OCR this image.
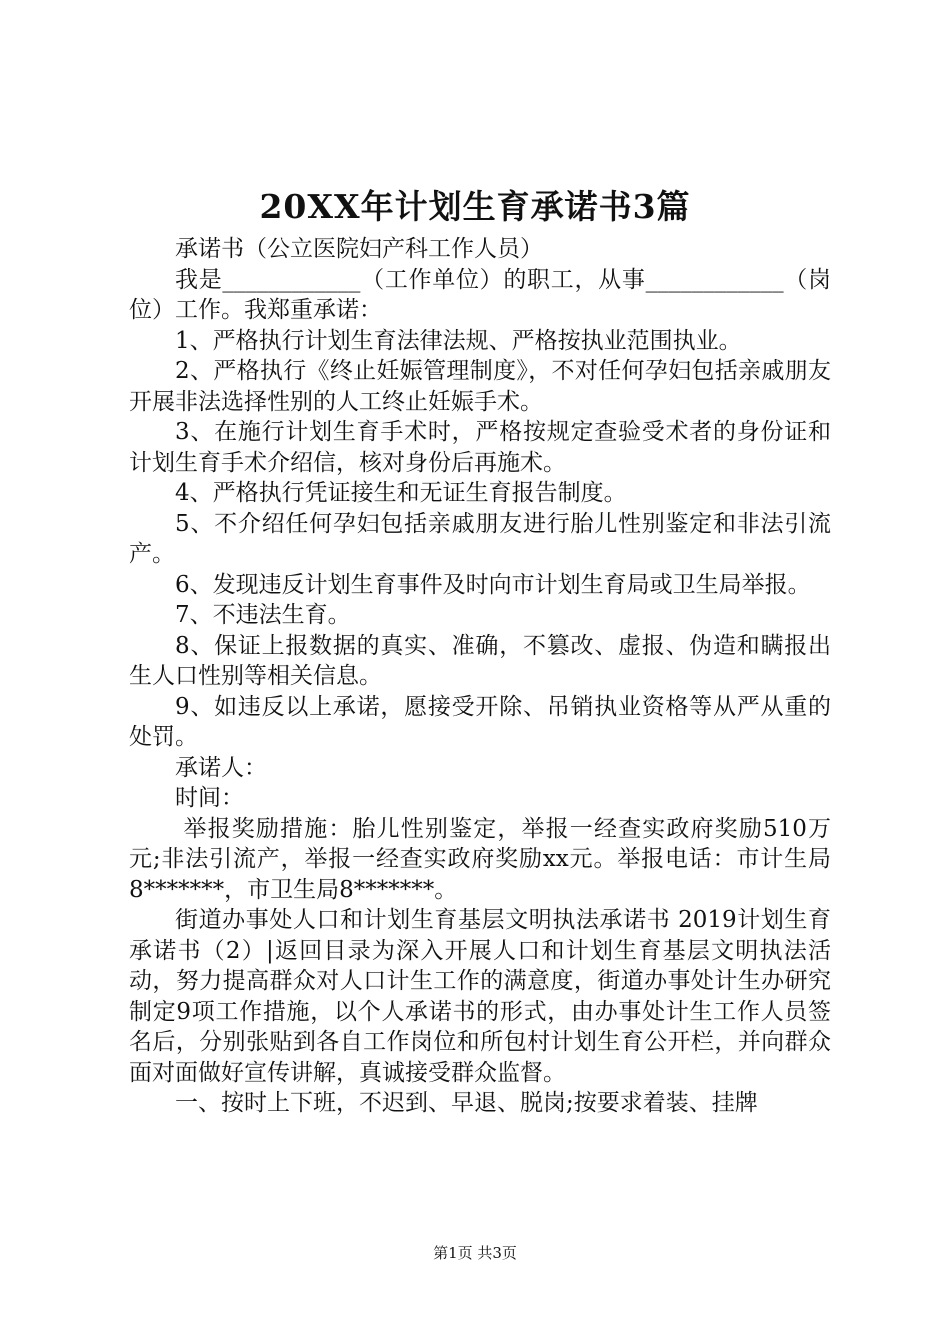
20XX年计划生育承诺书3篇

承诺书（公立医院妇产科工作人员）

我是____________（工作单位）的职工，从事____________（岗位）工作。我郑重承诺：

1、严格执行计划生育法律法规、严格按执业范围执业。

2、严格执行《终止妊娠管理制度》，不对任何孕妇包括亲戚朋友开展非法选择性别的人工终止妊娠手术。

3、在施行计划生育手术时，严格按规定查验受术者的身份证和计划生育手术介绍信，核对身份后再施术。

4、严格执行凭证接生和无证生育报告制度。

5、不介绍任何孕妇包括亲戚朋友进行胎儿性别鉴定和非法引流产。

6、发现违反计划生育事件及时向市计划生育局或卫生局举报。

7、不违法生育。

8、保证上报数据的真实、准确，不篡改、虚报、伪造和瞒报出生人口性别等相关信息。

9、如违反以上承诺，愿接受开除、吊销执业资格等从严从重的处罚。

承诺人：

时间：

举报奖励措施：胎儿性别鉴定，举报一经查实政府奖励510万元;非法引流产，举报一经查实政府奖励xx元。举报电话：市计生局8*******，市卫生局8*******。

街道办事处人口和计划生育基层文明执法承诺书 2019计划生育承诺书（2）|返回目录为深入开展人口和计划生育基层文明执法活动，努力提高群众对人口计生工作的满意度，街道办事处计生办研究制定9项工作措施，以个人承诺书的形式，由办事处计生工作人员签名后，分别张贴到各自工作岗位和所包村计划生育公开栏，并向群众面对面做好宣传讲解，真诚接受群众监督。

一、按时上下班，不迟到、早退、脱岗;按要求着装、挂牌

第1页 共3页
